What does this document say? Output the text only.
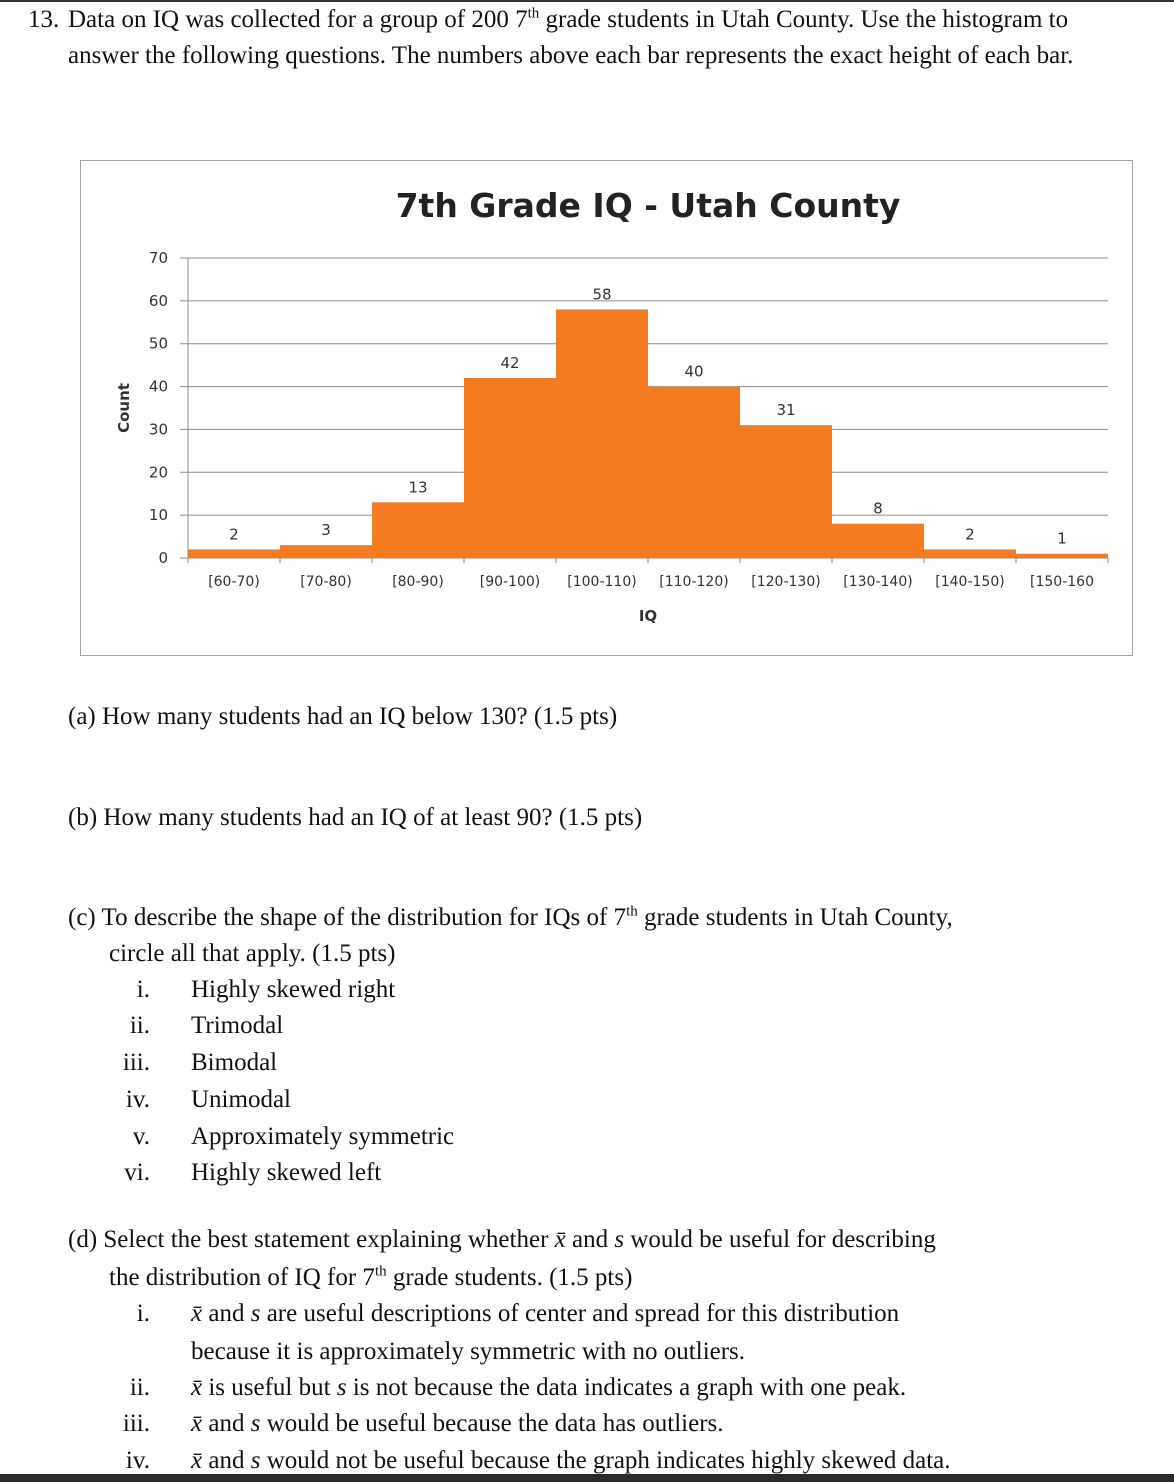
13. Data on IQ was collected for a group of 200 7th grade students in Utah County. Use the histogram to answer the following questions. The numbers above each bar represents the exact height of each bar.
7th Grade IQ - Utah County
0
10
20
30
40
50
60
70
2
[60-70)
3
[70-80)
13
[80-90)
42
[90-100)
58
[100-110)
40
[110-120)
31
[120-130)
8
[130-140)
2
[140-150)
1
[150-160
IQ
Count
(a) How many students had an IQ below 130? (1.5 pts)
(b) How many students had an IQ of at least 90? (1.5 pts)
(c) To describe the shape of the distribution for IQs of 7th grade students in Utah County,
circle all that apply. (1.5 pts)
i. Highly skewed right
ii. Trimodal
iii. Bimodal
iv. Unimodal
v. Approximately symmetric
vi. Highly skewed left
(d) Select the best statement explaining whether x̄ and s would be useful for describing
the distribution of IQ for 7th grade students. (1.5 pts)
i. x̄ and s are useful descriptions of center and spread for this distribution
because it is approximately symmetric with no outliers.
ii. x̄ is useful but s is not because the data indicates a graph with one peak.
iii. x̄ and s would be useful because the data has outliers.
iv. x̄ and s would not be useful because the graph indicates highly skewed data.
